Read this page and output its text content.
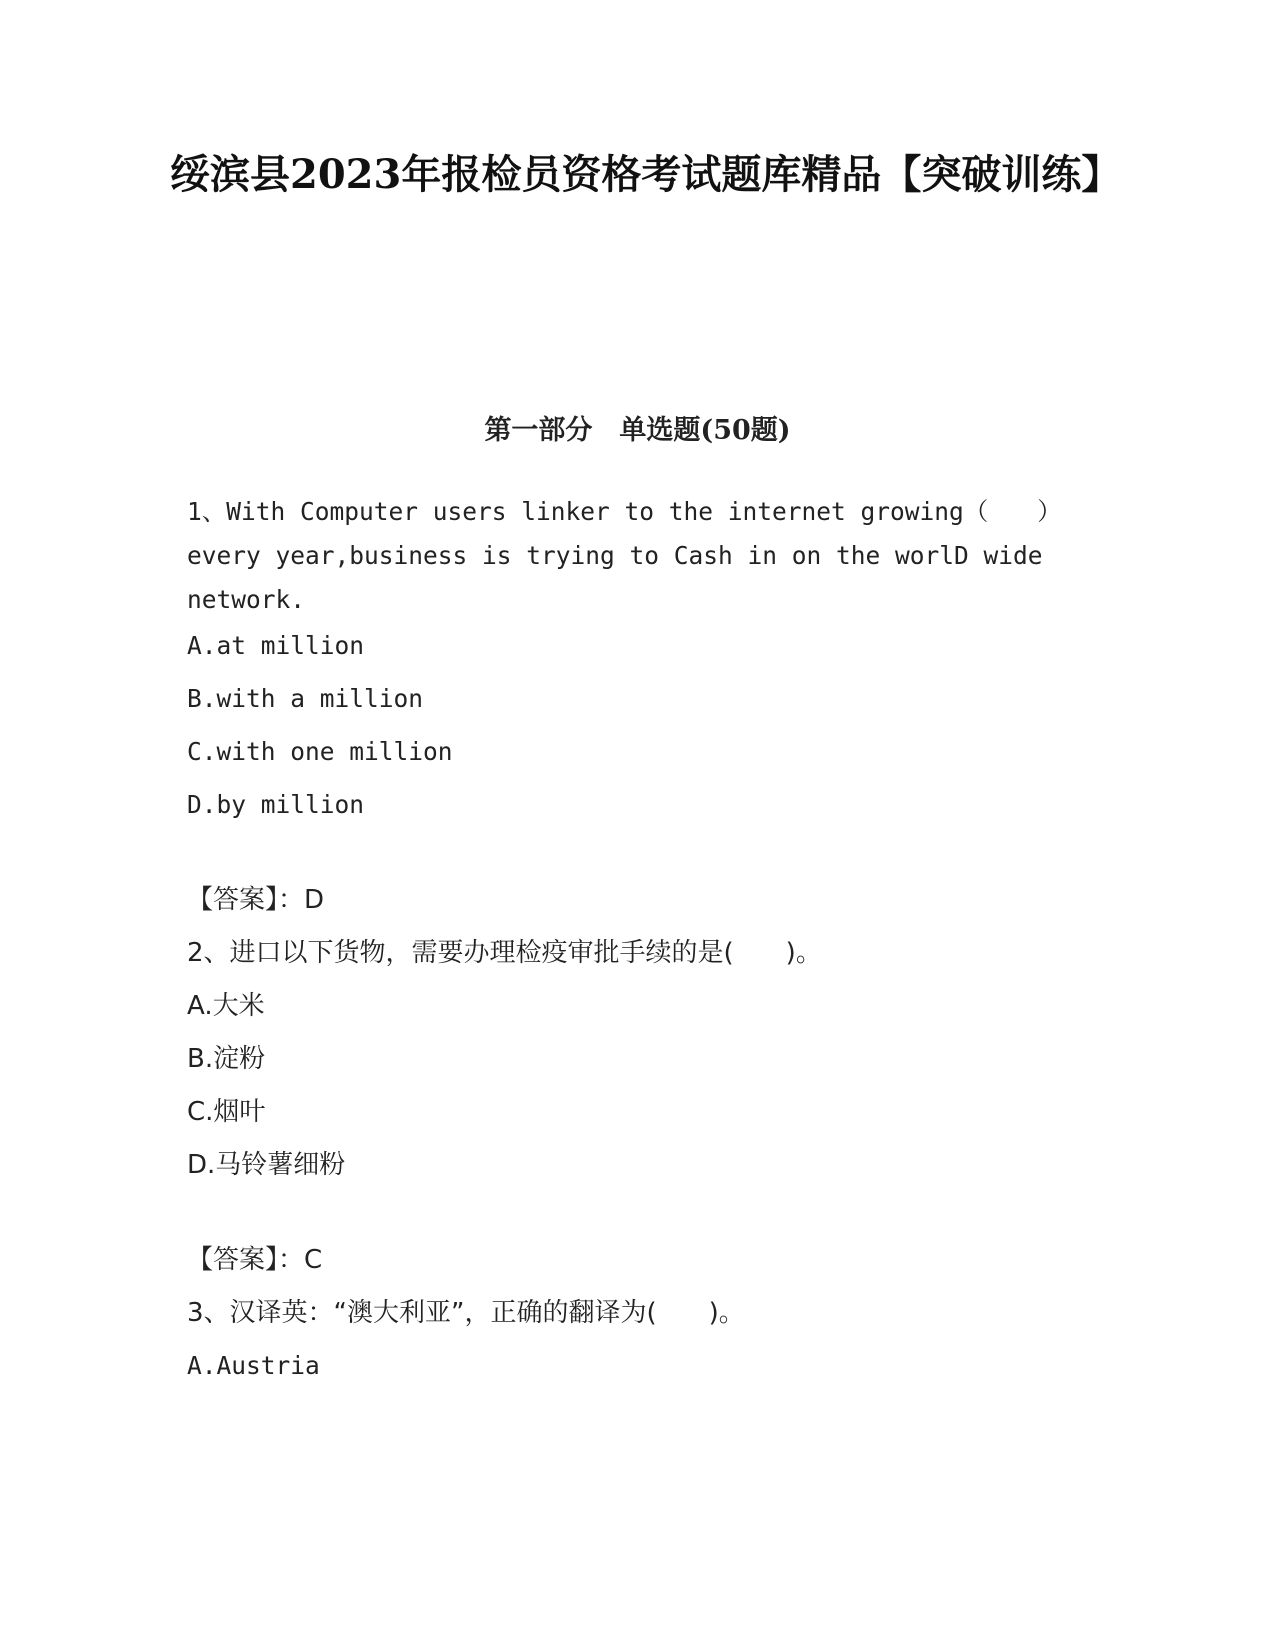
绥滨县2023年报检员资格考试题库精品【突破训练】
第一部分　单选题(50题)

1、With Computer users linker to the internet growing（　　）every year,business is trying to Cash in on the worlD wide network.

A.at million

B.with a million

C.with one million

D.by million

【答案】：D

2、进口以下货物，需要办理检疫审批手续的是(　　)。

A.大米

B.淀粉

C.烟叶

D.马铃薯细粉

【答案】：C

3、汉译英：“澳大利亚”，正确的翻译为(　　)。

A.Austria
